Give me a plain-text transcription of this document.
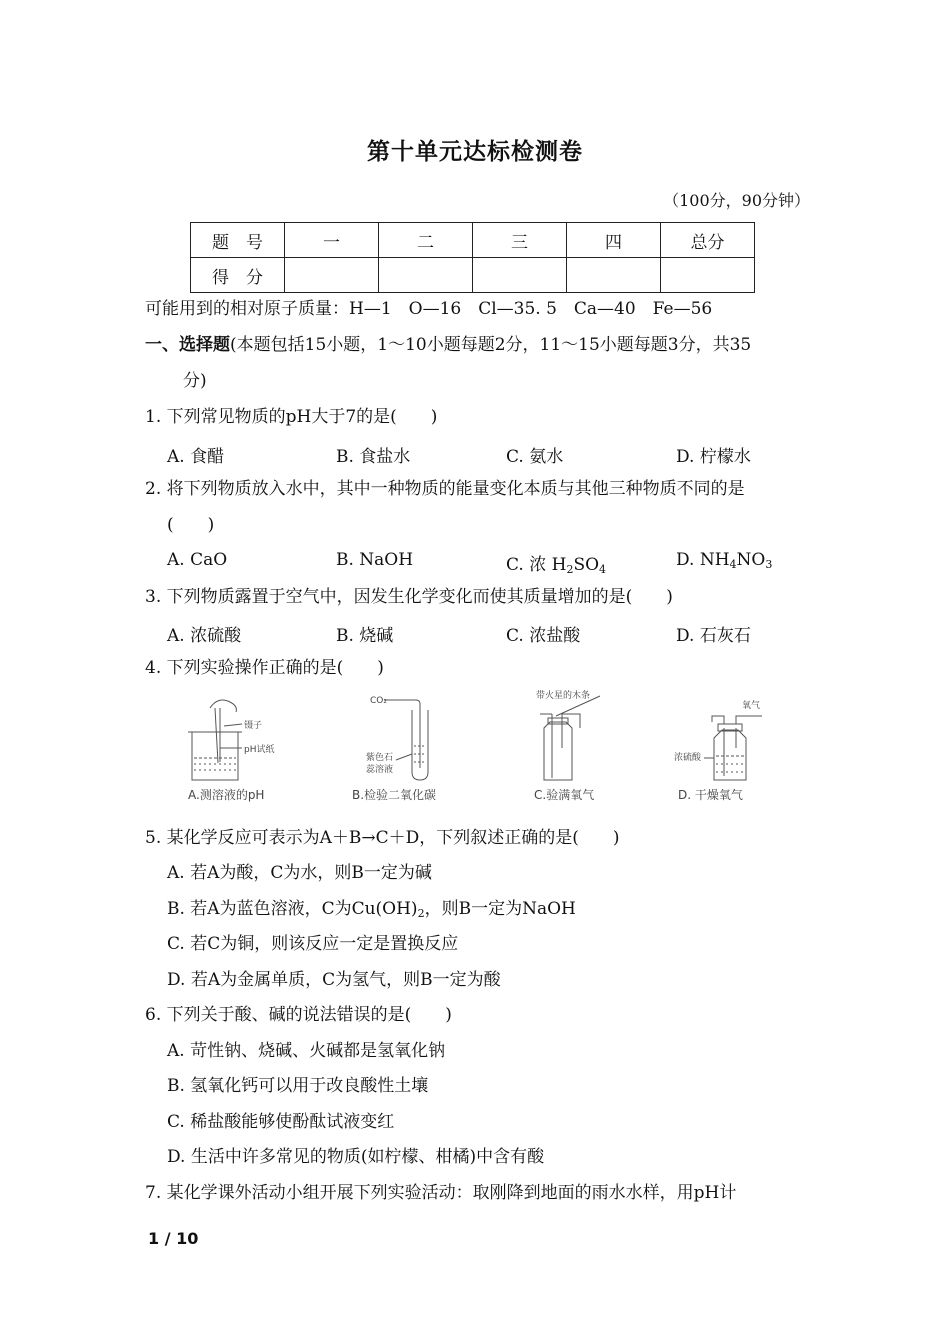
第十单元达标检测卷
（100分，90分钟）
题　号	一	二	三	四	总分
得　分					
可能用到的相对原子质量：H—1　O—16　Cl—35. 5　Ca—40　Fe—56
一、选择题(本题包括15小题，1～10小题每题2分，11～15小题每题3分，共35
分)
1. 下列常见物质的pH大于7的是(　　)
A. 食醋	B. 食盐水	C. 氨水	D. 柠檬水
2. 将下列物质放入水中，其中一种物质的能量变化本质与其他三种物质不同的是
(　　)
A. CaO	B. NaOH	C. 浓 $H_2SO_4$	D. $NH_4NO_3$
3. 下列物质露置于空气中，因发生化学变化而使其质量增加的是(　　)
A. 浓硫酸	B. 烧碱	C. 浓盐酸	D. 石灰石
4. 下列实验操作正确的是(　　)
镊子
pH试纸
A.测溶液的pH
CO₂
紫色石
蕊溶液
B.检验二氧化碳
带火星的木条
C.验满氧气
氧气
浓硫酸
D. 干燥氧气
5. 某化学反应可表示为A＋B→C＋D，下列叙述正确的是(　　)
A. 若A为酸，C为水，则B一定为碱
B. 若A为蓝色溶液，C为$Cu(OH)_2$，则B一定为NaOH
C. 若C为铜，则该反应一定是置换反应
D. 若A为金属单质，C为氢气，则B一定为酸
6. 下列关于酸、碱的说法错误的是(　　)
A. 苛性钠、烧碱、火碱都是氢氧化钠
B. 氢氧化钙可以用于改良酸性土壤
C. 稀盐酸能够使酚酞试液变红
D. 生活中许多常见的物质(如柠檬、柑橘)中含有酸
7. 某化学课外活动小组开展下列实验活动：取刚降到地面的雨水水样，用pH计
1 / 10
